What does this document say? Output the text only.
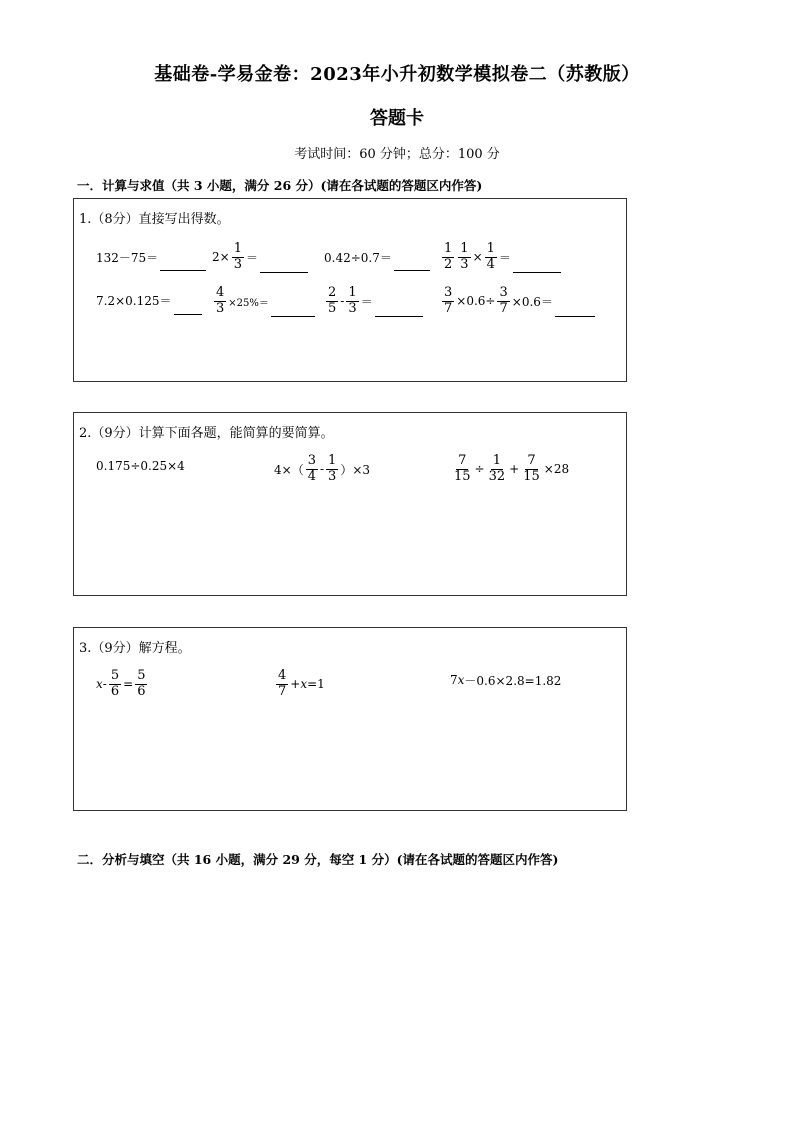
基础卷-学易金卷：2023年小升初数学模拟卷二（苏教版）
答题卡
考试时间：60 分钟；总分：100 分
一．计算与求值（共 3 小题，满分 26 分）(请在各试题的答题区内作答)
1.（8分）直接写出得数。
132－75＝	$2\times \frac{1}{3}$ ＝	0.42÷0.7＝	$\frac{1}{2} \frac{1}{3} \times \frac{1}{4}$ ＝
7.2×0.125＝	$\frac{4}{3} \times 25\%=$	$\frac{2}{5} - \frac{1}{3}$ ＝	$\frac{3}{7} \times 0.6\div \frac{3}{7} \times 0.6=$
2.（9分）计算下面各题，能简算的要简算。
0.175÷0.25×4	$4\times( \frac{3}{4} - \frac{1}{3} )\times 3$	$\frac{7}{15} \div \frac{1}{32} + \frac{7}{15} \times 28$
3.（9分）解方程。
$x - \frac{5}{6} = \frac{5}{6}$	$\frac{4}{7} + x =1$	7 x －0.6×2.8=1.82
二．分析与填空（共 16 小题，满分 29 分，每空 1 分）(请在各试题的答题区内作答)
